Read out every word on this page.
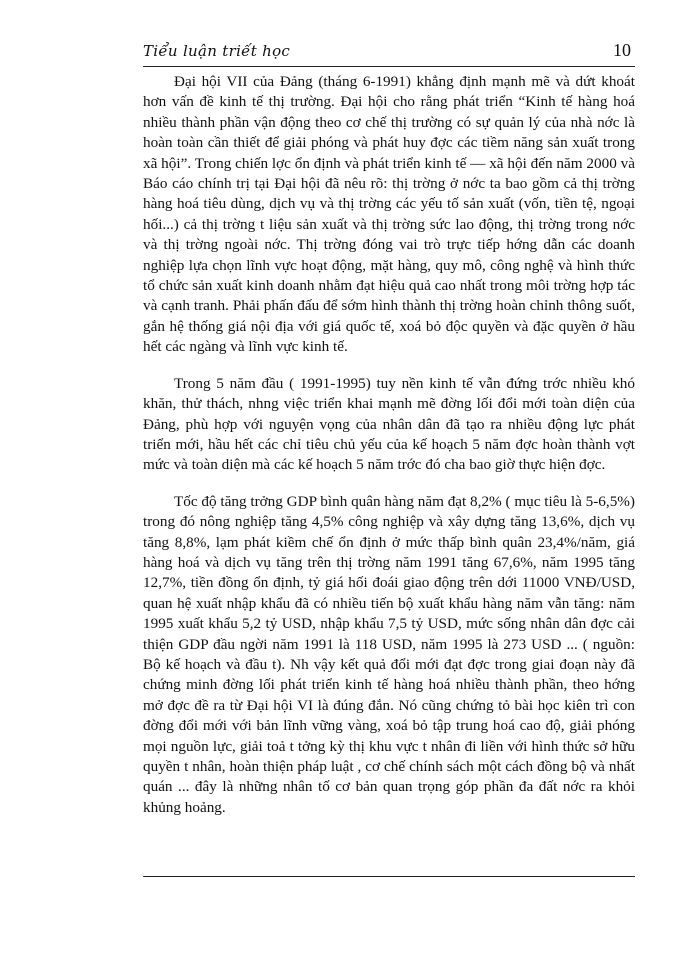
Tiểu luận triết học	10

Đại hội VII của Đảng (tháng 6-1991) khẳng định mạnh mẽ và dứt khoát hơn vấn đề kinh tế thị trường. Đại hội cho rằng phát triển “Kinh tế hàng hoá nhiều thành phần vận động theo cơ chế thị trường có sự quản lý của nhà nớc là hoàn toàn cần thiết để giải phóng và phát huy đợc các tiềm năng sản xuất trong xã hội”. Trong chiến lợc ổn định và phát triển kinh tế — xã hội đến năm 2000 và Báo cáo chính trị tại Đại hội đã nêu rõ: thị trờng ở nớc ta bao gồm cả thị trờng hàng hoá tiêu dùng, dịch vụ và thị trờng các yếu tố sản xuất (vốn, tiền tệ, ngoại hối...) cả thị trờng t liệu sản xuất và thị trờng sức lao động, thị trờng trong nớc và thị trờng ngoài nớc. Thị trờng đóng vai trò trực tiếp hớng dẫn các doanh nghiệp lựa chọn lĩnh vực hoạt động, mặt hàng, quy mô, công nghệ và hình thức tổ chức sản xuất kinh doanh nhằm đạt hiệu quả cao nhất trong môi trờng hợp tác và cạnh tranh. Phải phấn đấu để sớm hình thành thị trờng hoàn chỉnh thông suốt, gắn hệ thống giá nội địa với giá quốc tế, xoá bỏ độc quyền và đặc quyền ở hầu hết các ngàng và lĩnh vực kinh tế.

Trong 5 năm đầu ( 1991-1995) tuy nền kinh tế vẫn đứng trớc nhiều khó khăn, thử thách, nhng việc triển khai mạnh mẽ đờng lối đổi mới toàn diện của Đảng, phù hợp với nguyện vọng của nhân dân đã tạo ra nhiều động lực phát triển mới, hầu hết các chỉ tiêu chủ yếu của kế hoạch 5 năm đợc hoàn thành vợt mức và toàn diện mà các kế hoạch 5 năm trớc đó cha bao giờ thực hiện đợc.

Tốc độ tăng trởng GDP bình quân hàng năm đạt 8,2% ( mục tiêu là 5-6,5%) trong đó nông nghiệp tăng 4,5% công nghiệp và xây dựng tăng 13,6%, dịch vụ tăng 8,8%, lạm phát kiềm chế ổn định ở mức thấp bình quân 23,4%/năm, giá hàng hoá và dịch vụ tăng trên thị trờng năm 1991 tăng 67,6%, năm 1995 tăng 12,7%, tiền đồng ổn định, tỷ giá hối đoái giao động trên dới 11000 VNĐ/USD, quan hệ xuất nhập khẩu đã có nhiều tiến bộ xuất khẩu hàng năm vẫn tăng: năm 1995 xuất khẩu 5,2 tỷ USD, nhập khẩu 7,5 tỷ USD, mức sống nhân dân đợc cải thiện GDP đầu ngời năm 1991 là 118 USD, năm 1995 là 273 USD ... ( nguồn: Bộ kế hoạch và đầu t). Nh vậy kết quả đổi mới đạt đợc trong giai đoạn này đã chứng minh đờng lối phát triển kinh tế hàng hoá nhiều thành phần, theo hớng mở đợc đề ra từ Đại hội VI là đúng đắn. Nó cũng chứng tỏ bài học kiên trì con đờng đổi mới với bản lĩnh vững vàng, xoá bỏ tập trung hoá cao độ, giải phóng mọi nguồn lực, giải toả t tởng kỳ thị khu vực t nhân đi liền với hình thức sở hữu quyền t nhân, hoàn thiện pháp luật , cơ chế chính sách một cách đồng bộ và nhất quán ... đây là những nhân tố cơ bản quan trọng góp phần đa đất nớc ra khỏi khủng hoảng.
